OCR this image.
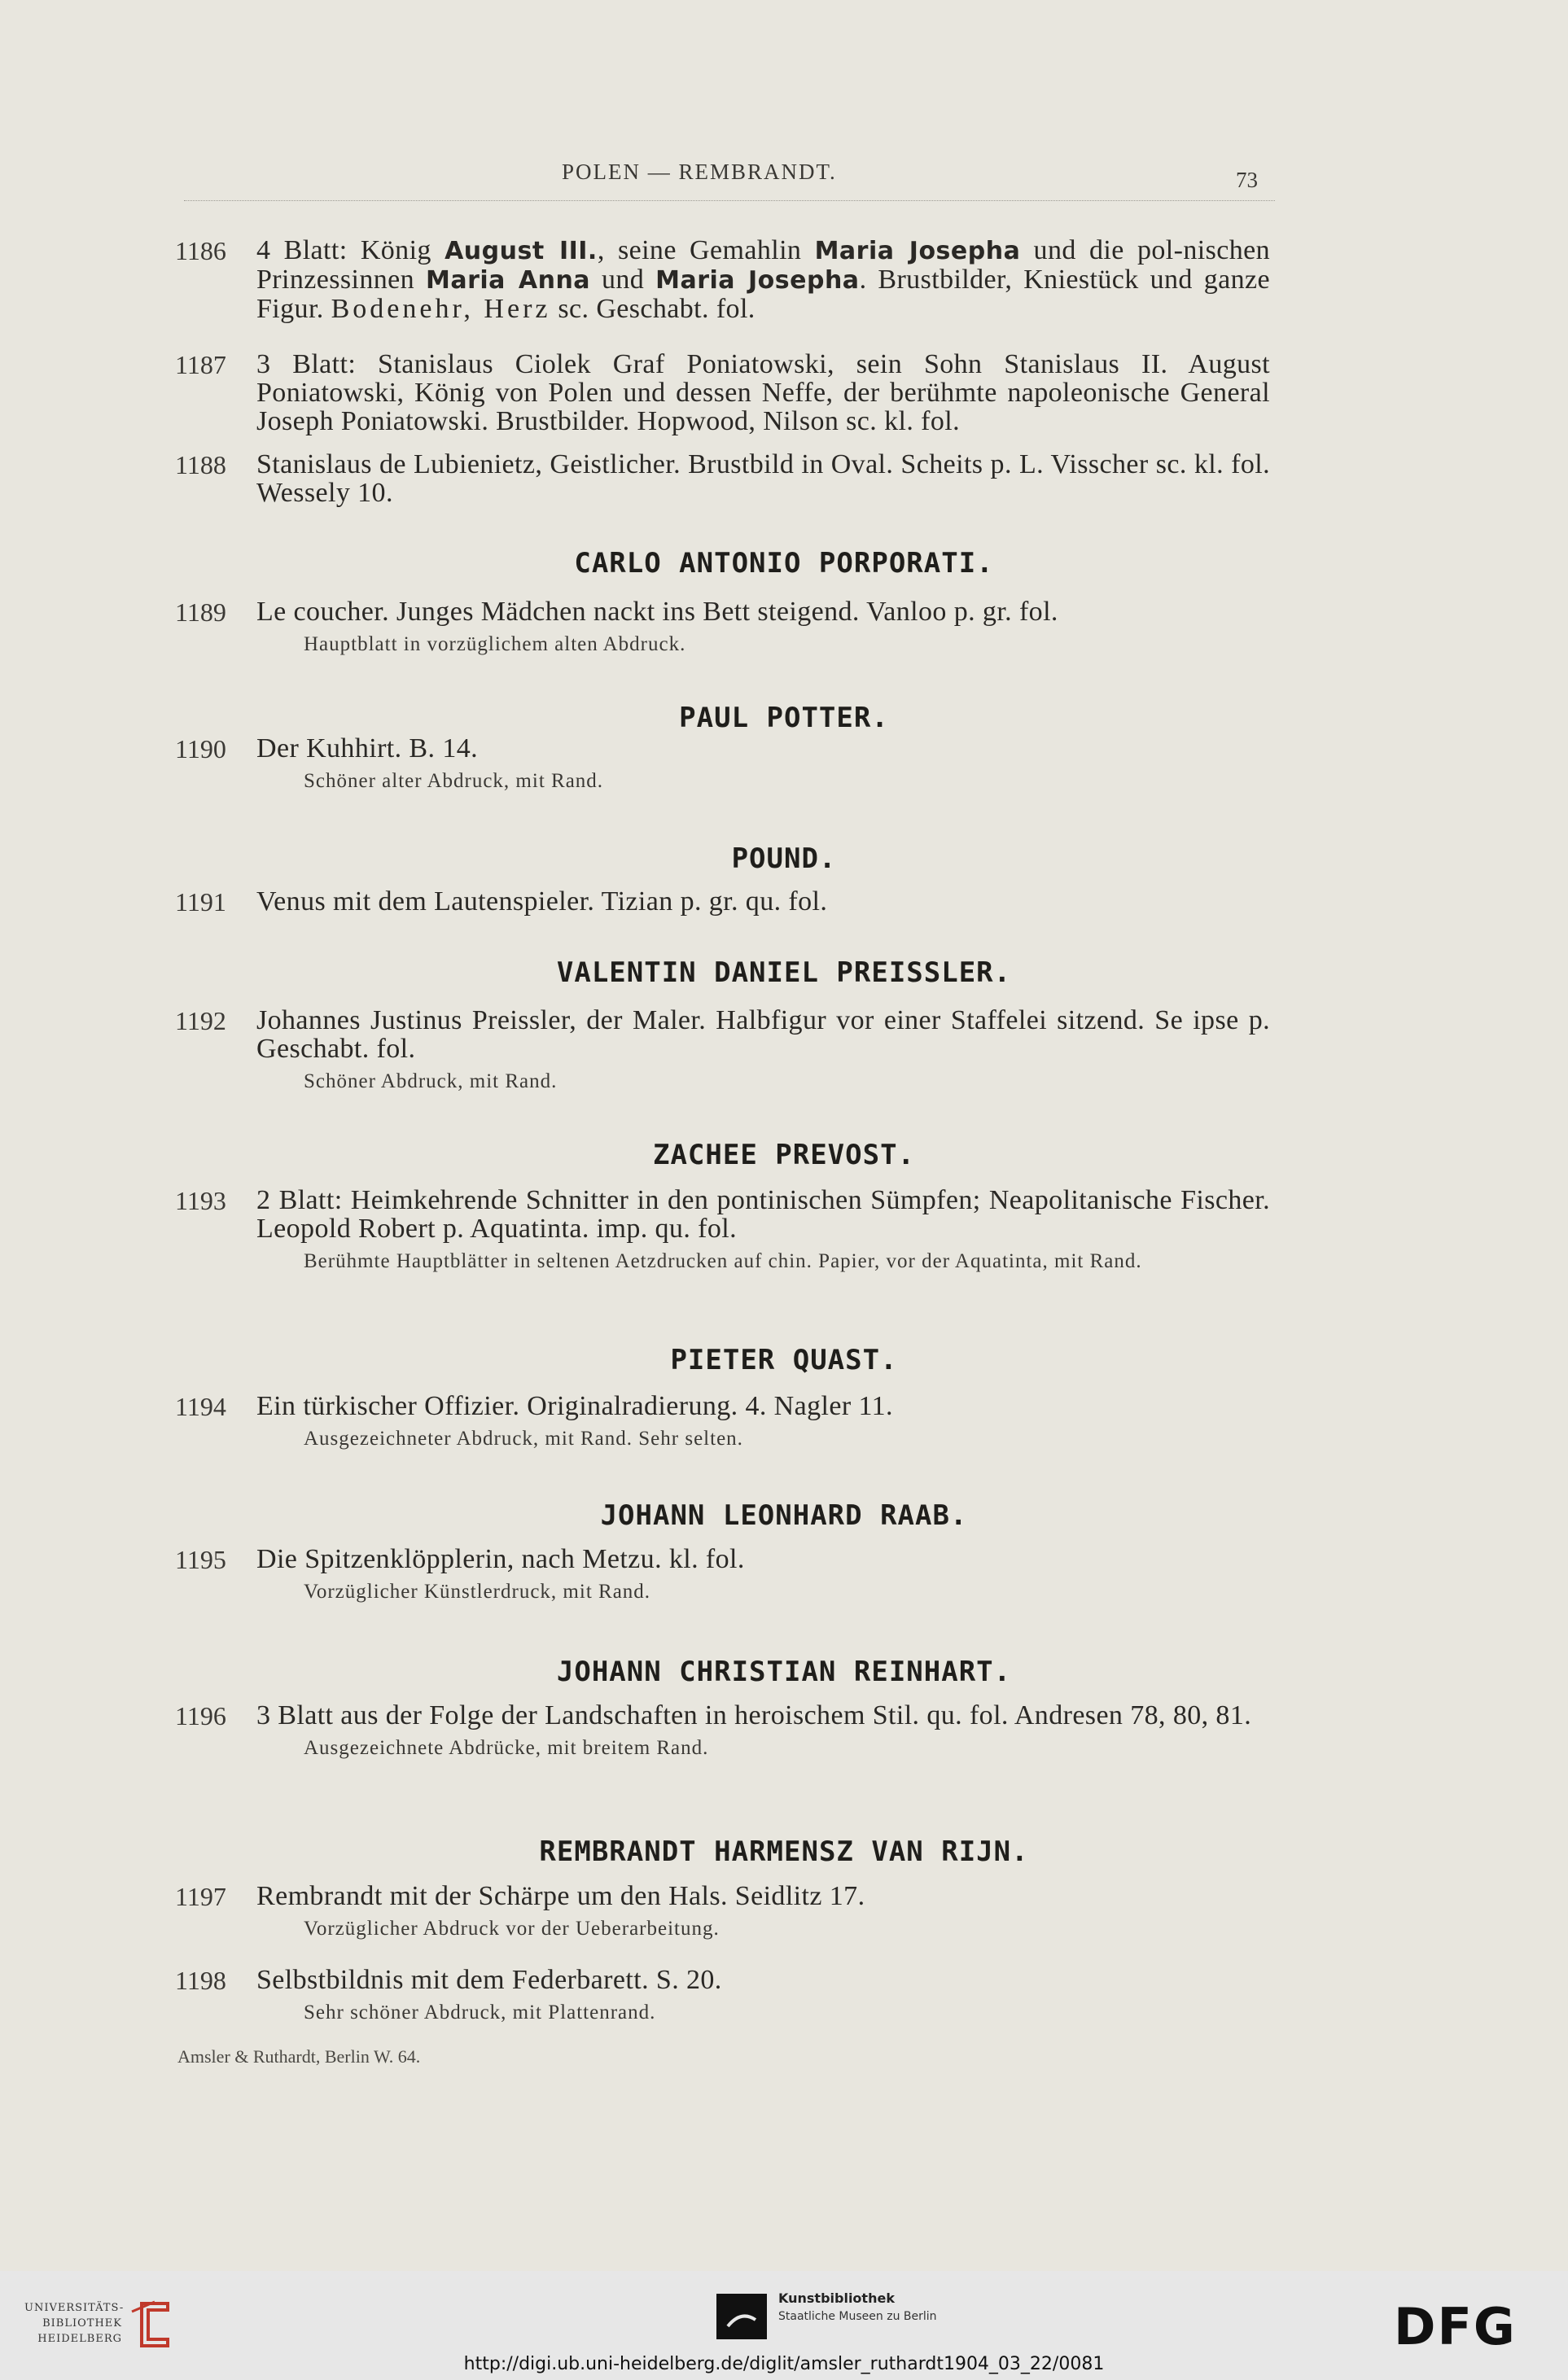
POLEN — REMBRANDT.	73
1186	4 Blatt: König August III., seine Gemahlin Maria Josepha und die pol-nischen Prinzessinnen Maria Anna und Maria Josepha. Brustbilder, Kniestück und ganze Figur. Bodenehr, Herz sc. Geschabt. fol.
1187	3 Blatt: Stanislaus Ciolek Graf Poniatowski, sein Sohn Stanislaus II. August Poniatowski, König von Polen und dessen Neffe, der berühmte napoleonische General Joseph Poniatowski. Brustbilder. Hopwood, Nilson sc. kl. fol.
1188	Stanislaus de Lubienietz, Geistlicher. Brustbild in Oval. Scheits p. L. Visscher sc. kl. fol. Wessely 10.
CARLO ANTONIO PORPORATI.
1189	Le coucher. Junges Mädchen nackt ins Bett steigend. Vanloo p. gr. fol.
Hauptblatt in vorzüglichem alten Abdruck.
PAUL POTTER.
1190	Der Kuhhirt. B. 14.
Schöner alter Abdruck, mit Rand.
POUND.
1191	Venus mit dem Lautenspieler. Tizian p. gr. qu. fol.
VALENTIN DANIEL PREISSLER.
1192	Johannes Justinus Preissler, der Maler. Halbfigur vor einer Staffelei sitzend. Se ipse p. Geschabt. fol.
Schöner Abdruck, mit Rand.
ZACHEE PREVOST.
1193	2 Blatt: Heimkehrende Schnitter in den pontinischen Sümpfen; Neapolitanische Fischer. Leopold Robert p. Aquatinta. imp. qu. fol.
Berühmte Hauptblätter in seltenen Aetzdrucken auf chin. Papier, vor der Aquatinta, mit Rand.
PIETER QUAST.
1194	Ein türkischer Offizier. Originalradierung. 4. Nagler 11.
Ausgezeichneter Abdruck, mit Rand. Sehr selten.
JOHANN LEONHARD RAAB.
1195	Die Spitzenklöpplerin, nach Metzu. kl. fol.
Vorzüglicher Künstlerdruck, mit Rand.
JOHANN CHRISTIAN REINHART.
1196	3 Blatt aus der Folge der Landschaften in heroischem Stil. qu. fol. Andresen 78, 80, 81.
Ausgezeichnete Abdrücke, mit breitem Rand.
REMBRANDT HARMENSZ VAN RIJN.
1197	Rembrandt mit der Schärpe um den Hals. Seidlitz 17.
Vorzüglicher Abdruck vor der Ueberarbeitung.
1198	Selbstbildnis mit dem Federbarett. S. 20.
Sehr schöner Abdruck, mit Plattenrand.
Amsler & Ruthardt, Berlin W. 64.
UNIVERSITÄTS-
BIBLIOTHEK
HEIDELBERG
Kunstbibliothek
Staatliche Museen zu Berlin	DFG
http://digi.ub.uni-heidelberg.de/diglit/amsler_ruthardt1904_03_22/0081
